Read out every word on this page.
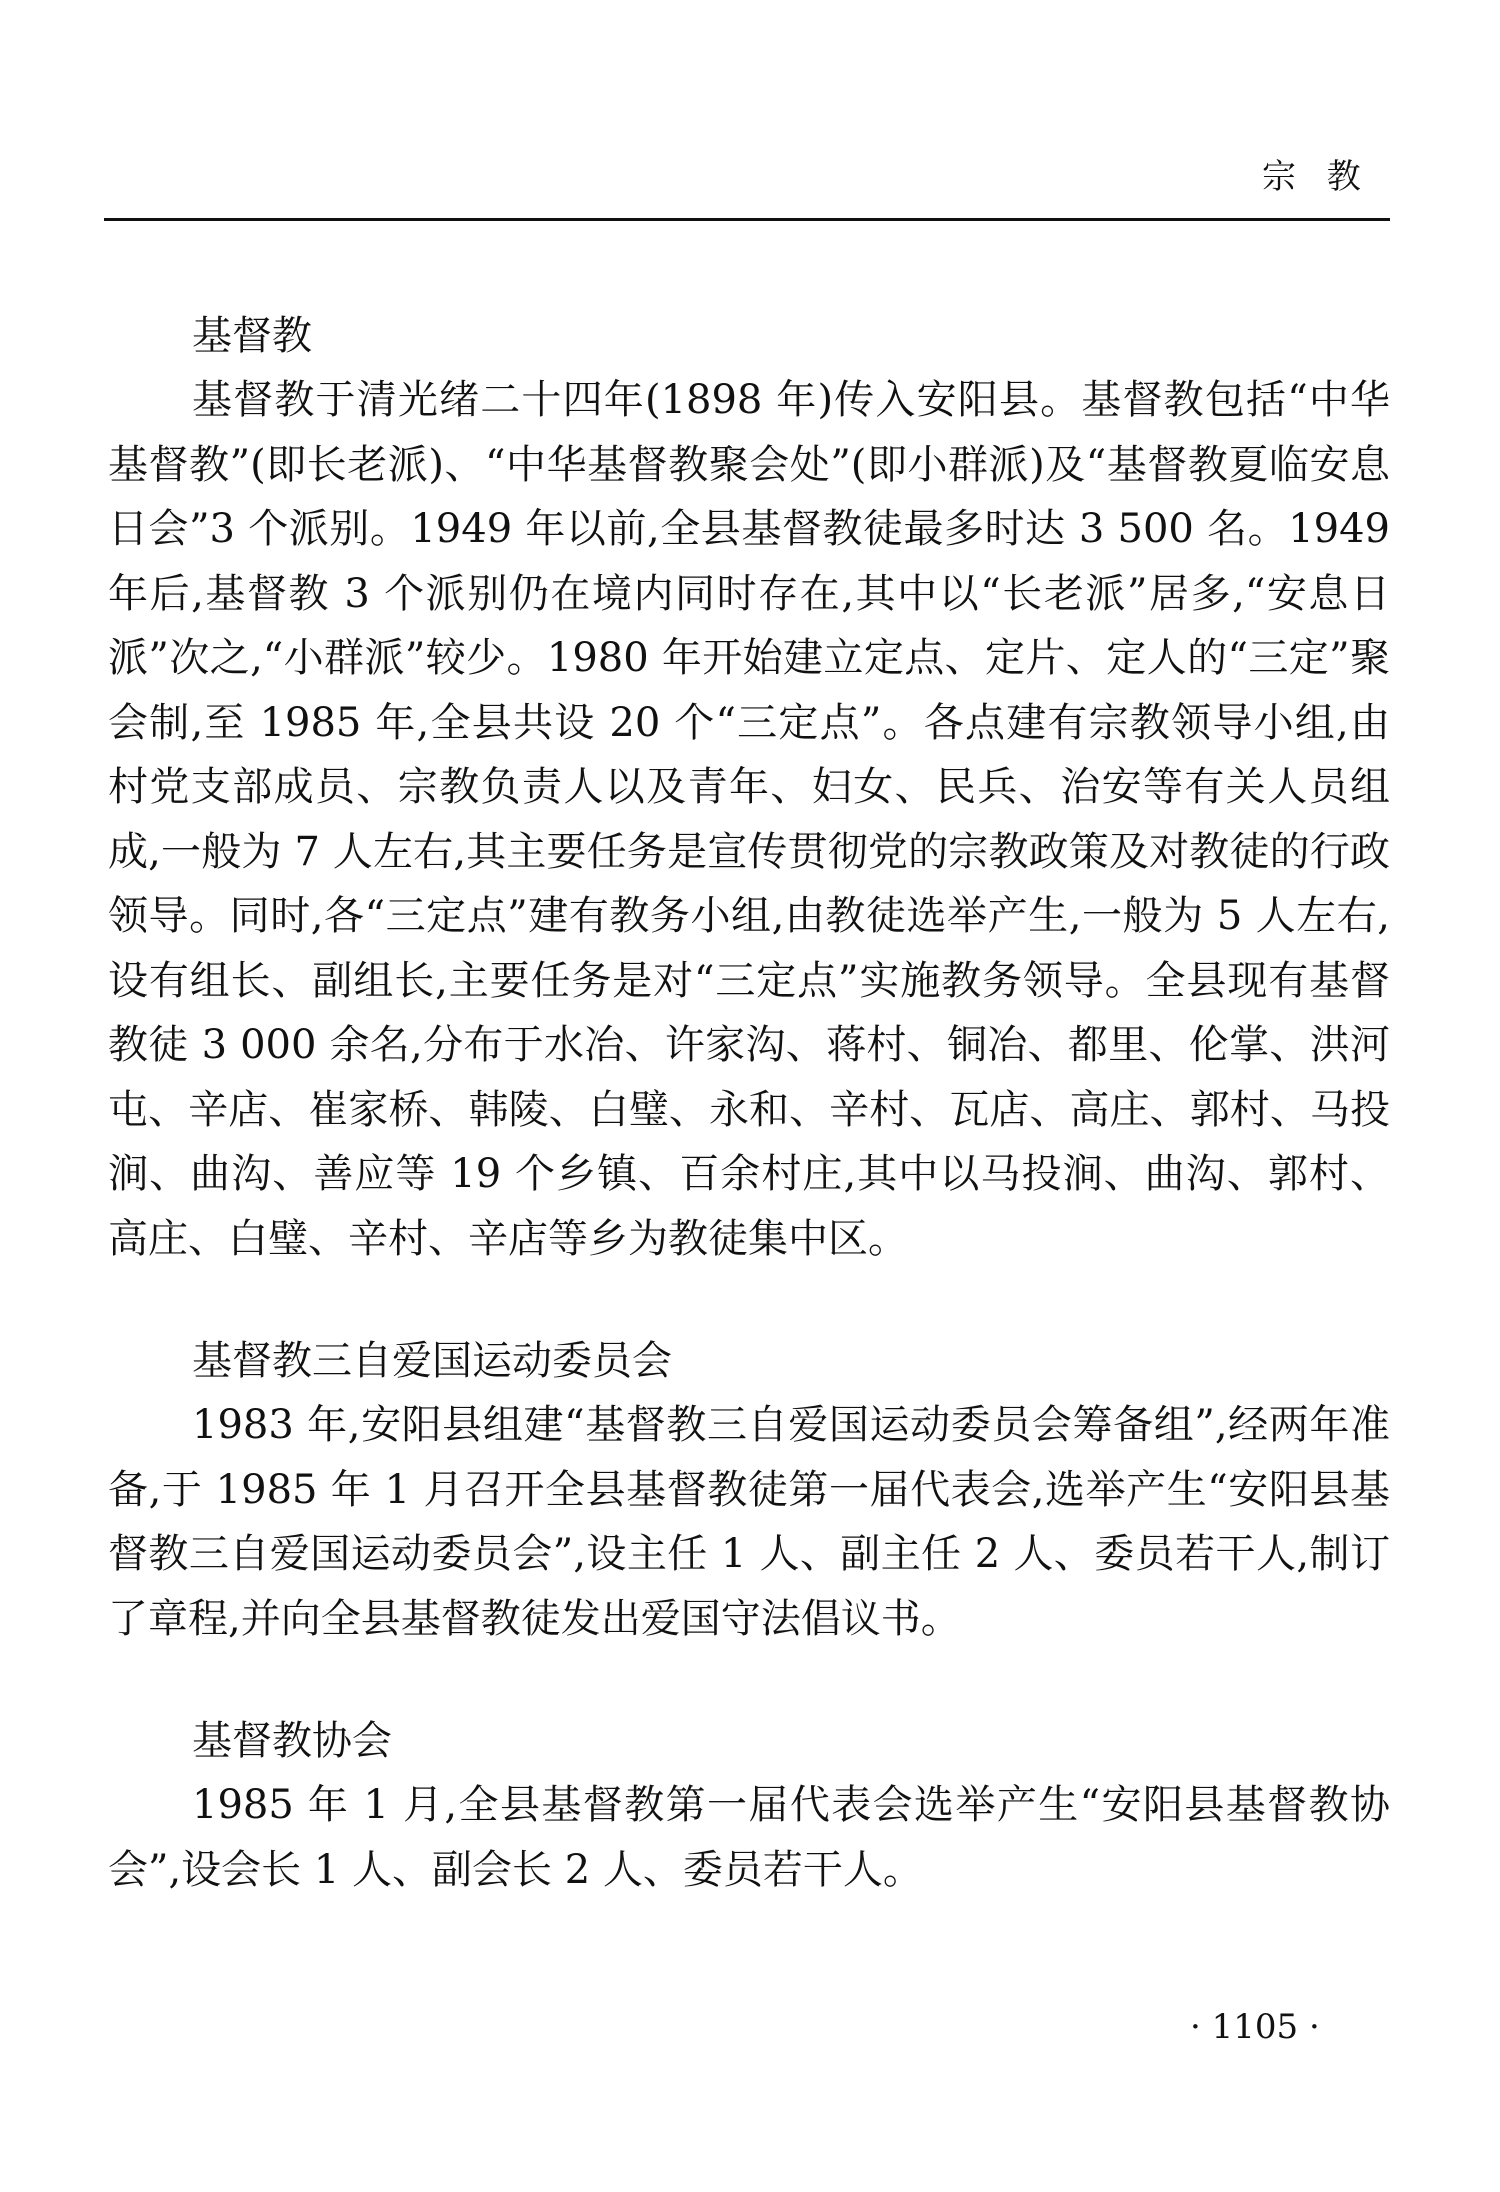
宗 教
基督教

基督教于清光绪二十四年(1898 年)传入安阳县。基督教包括“中华基督教”(即长老派)、“中华基督教聚会处”(即小群派)及“基督教夏临安息日会”3 个派别。1949 年以前,全县基督教徒最多时达 3 500 名。1949 年后,基督教 3 个派别仍在境内同时存在,其中以“长老派”居多,“安息日派”次之,“小群派”较少。1980 年开始建立定点、定片、定人的“三定”聚会制,至 1985 年,全县共设 20 个“三定点”。各点建有宗教领导小组,由村党支部成员、宗教负责人以及青年、妇女、民兵、治安等有关人员组成,一般为 7 人左右,其主要任务是宣传贯彻党的宗教政策及对教徒的行政领导。同时,各“三定点”建有教务小组,由教徒选举产生,一般为 5 人左右,设有组长、副组长,主要任务是对“三定点”实施教务领导。全县现有基督教徒 3 000 余名,分布于水冶、许家沟、蒋村、铜冶、都里、伦掌、洪河屯、辛店、崔家桥、韩陵、白璧、永和、辛村、瓦店、高庄、郭村、马投涧、曲沟、善应等 19 个乡镇、百余村庄,其中以马投涧、曲沟、郭村、高庄、白璧、辛村、辛店等乡为教徒集中区。

基督教三自爱国运动委员会

1983 年,安阳县组建“基督教三自爱国运动委员会筹备组”,经两年准备,于 1985 年 1 月召开全县基督教徒第一届代表会,选举产生“安阳县基督教三自爱国运动委员会”,设主任 1 人、副主任 2 人、委员若干人,制订了章程,并向全县基督教徒发出爱国守法倡议书。

基督教协会

1985 年 1 月,全县基督教第一届代表会选举产生“安阳县基督教协会”,设会长 1 人、副会长 2 人、委员若干人。

· 1105 ·
